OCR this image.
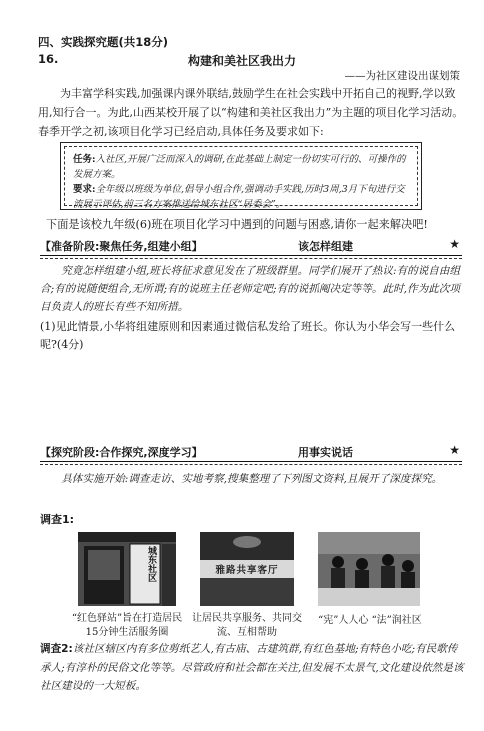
四、实践探究题(共18分)
16.	构建和美社区我出力
——为社区建设出谋划策
为丰富学科实践,加强课内课外联结,鼓励学生在社会实践中开拓自己的视野,学以致用,知行合一。为此,山西某校开展了以“构建和美社区我出力”为主题的项目化学习活动。春季开学之初,该项目化学习已经启动,具体任务及要求如下:
任务:入社区,开展广泛而深入的调研,在此基础上制定一份切实可行的、可操作的发展方案。
要求:全年级以班级为单位,倡导小组合作,强调动手实践,历时3周,3月下旬进行交流展示评估,前三名方案推送给城东社区“居委会”。
下面是该校九年级(6)班在项目化学习中遇到的问题与困惑,请你一起来解决吧!
【准备阶段:聚焦任务,组建小组】	该怎样组建	★
究竟怎样组建小组,班长将征求意见发在了班级群里。同学们展开了热议:有的说自由组合;有的说随便组合,无所谓;有的说班主任老师定吧;有的说抓阄决定等等。此时,作为此次项目负责人的班长有些不知所措。
(1)见此情景,小华将组建原则和因素通过微信私发给了班长。你认为小华会写一些什么呢?(4分)
【探究阶段:合作探究,深度学习】	用事实说话	★
具体实施开始:调查走访、实地考察,搜集整理了下列图文资料,且展开了深度探究。
调查1:
城东社区
“红色驿站”旨在打造居民15分钟生活服务圈
雅路共享客厅
让居民共享服务、共同交流、互相帮助
“宪”人人心 “法”润社区
调查2:该社区辖区内有多位剪纸艺人,有古庙、古建筑群,有红色基地;有特色小吃;有民歌传承人;有淳朴的民俗文化等等。尽管政府和社会都在关注,但发展不太景气,文化建设依然是该社区建设的一大短板。
